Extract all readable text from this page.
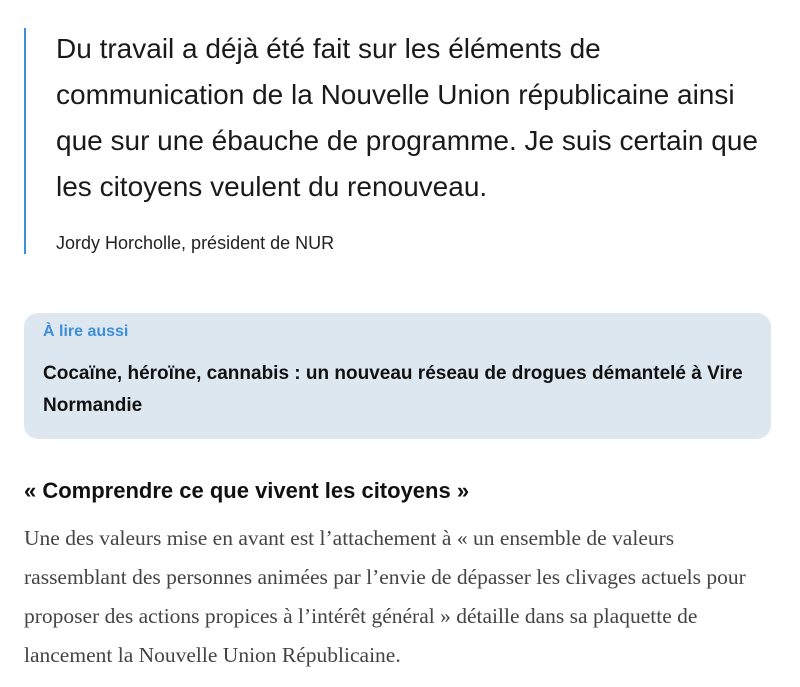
Du travail a déjà été fait sur les éléments de communication de la Nouvelle Union républicaine ainsi que sur une ébauche de programme. Je suis certain que les citoyens veulent du renouveau.

Jordy Horcholle, président de NUR
À lire aussi
Cocaïne, héroïne, cannabis : un nouveau réseau de drogues démantelé à Vire Normandie
« Comprendre ce que vivent les citoyens »

Une des valeurs mise en avant est l’attachement à « un ensemble de valeurs rassemblant des personnes animées par l’envie de dépasser les clivages actuels pour proposer des actions propices à l’intérêt général » détaille dans sa plaquette de lancement la Nouvelle Union Républicaine.
